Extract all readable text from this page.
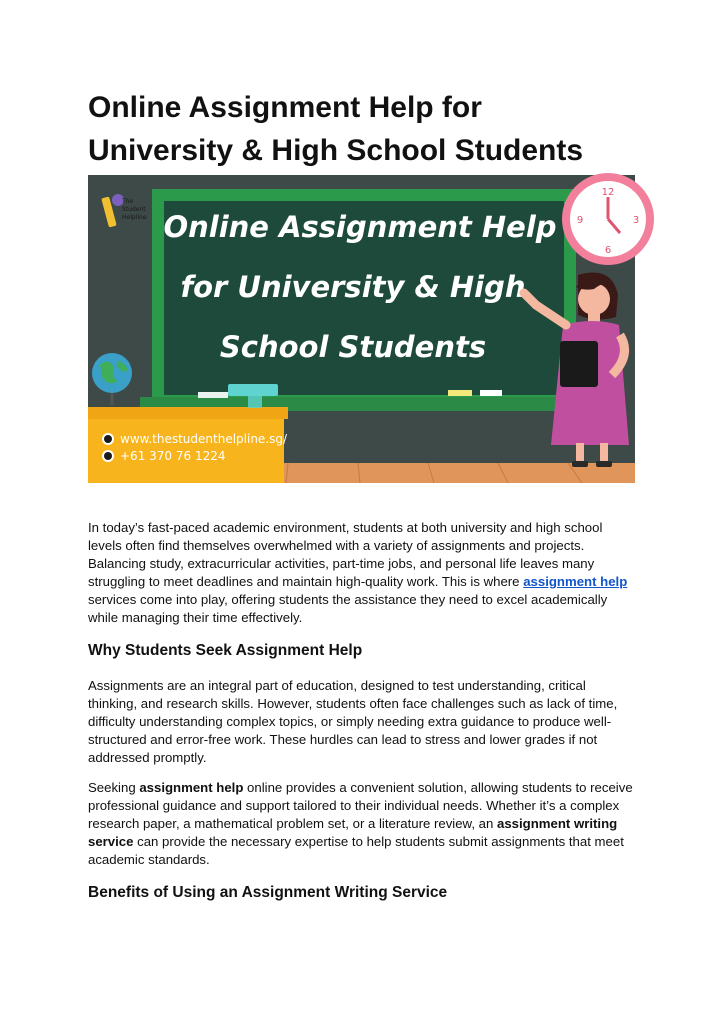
Online Assignment Help for
University & High School Students
Online Assignment Help
for University & High
School Students
The
Student
Helpline
12
3
6
9
www.thestudenthelpline.sg/
+61 370 76 1224

In today’s fast-paced academic environment, students at both university and high school levels often find themselves overwhelmed with a variety of assignments and projects. Balancing study, extracurricular activities, part-time jobs, and personal life leaves many struggling to meet deadlines and maintain high-quality work. This is where assignment help services come into play, offering students the assistance they need to excel academically while managing their time effectively.

Why Students Seek Assignment Help

Assignments are an integral part of education, designed to test understanding, critical thinking, and research skills. However, students often face challenges such as lack of time, difficulty understanding complex topics, or simply needing extra guidance to produce well-structured and error-free work. These hurdles can lead to stress and lower grades if not addressed promptly.

Seeking assignment help online provides a convenient solution, allowing students to receive professional guidance and support tailored to their individual needs. Whether it’s a complex research paper, a mathematical problem set, or a literature review, an assignment writing service can provide the necessary expertise to help students submit assignments that meet academic standards.

Benefits of Using an Assignment Writing Service
